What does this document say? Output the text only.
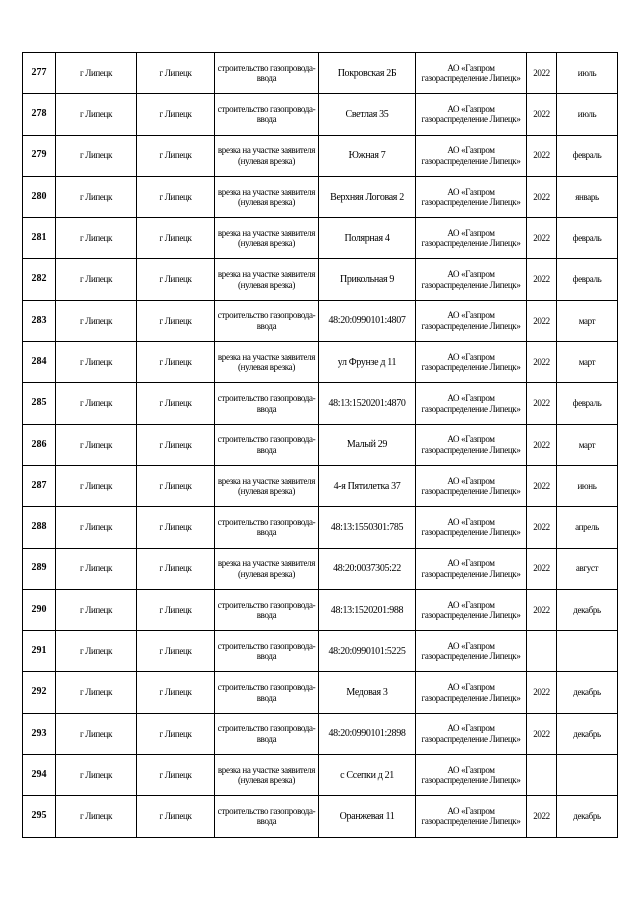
277	г Липецк	г Липецк	строительство газопровода-ввода	Покровская 2Б	АО «Газпром газораспределение Липецк»	2022	июль
278	г Липецк	г Липецк	строительство газопровода-ввода	Светлая 35	АО «Газпром газораспределение Липецк»	2022	июль
279	г Липецк	г Липецк	врезка на участке заявителя (нулевая врезка)	Южная 7	АО «Газпром газораспределение Липецк»	2022	февраль
280	г Липецк	г Липецк	врезка на участке заявителя (нулевая врезка)	Верхняя Логовая 2	АО «Газпром газораспределение Липецк»	2022	январь
281	г Липецк	г Липецк	врезка на участке заявителя (нулевая врезка)	Полярная 4	АО «Газпром газораспределение Липецк»	2022	февраль
282	г Липецк	г Липецк	врезка на участке заявителя (нулевая врезка)	Прикольная 9	АО «Газпром газораспределение Липецк»	2022	февраль
283	г Липецк	г Липецк	строительство газопровода-ввода	48:20:0990101:4807	АО «Газпром газораспределение Липецк»	2022	март
284	г Липецк	г Липецк	врезка на участке заявителя (нулевая врезка)	ул Фрунзе д 11	АО «Газпром газораспределение Липецк»	2022	март
285	г Липецк	г Липецк	строительство газопровода-ввода	48:13:1520201:4870	АО «Газпром газораспределение Липецк»	2022	февраль
286	г Липецк	г Липецк	строительство газопровода-ввода	Малый 29	АО «Газпром газораспределение Липецк»	2022	март
287	г Липецк	г Липецк	врезка на участке заявителя (нулевая врезка)	4-я Пятилетка 37	АО «Газпром газораспределение Липецк»	2022	июнь
288	г Липецк	г Липецк	строительство газопровода-ввода	48:13:1550301:785	АО «Газпром газораспределение Липецк»	2022	апрель
289	г Липецк	г Липецк	врезка на участке заявителя (нулевая врезка)	48:20:0037305:22	АО «Газпром газораспределение Липецк»	2022	август
290	г Липецк	г Липецк	строительство газопровода-ввода	48:13:1520201:988	АО «Газпром газораспределение Липецк»	2022	декабрь
291	г Липецк	г Липецк	строительство газопровода-ввода	48:20:0990101:5225	АО «Газпром газораспределение Липецк»		
292	г Липецк	г Липецк	строительство газопровода-ввода	Медовая 3	АО «Газпром газораспределение Липецк»	2022	декабрь
293	г Липецк	г Липецк	строительство газопровода-ввода	48:20:0990101:2898	АО «Газпром газораспределение Липецк»	2022	декабрь
294	г Липецк	г Липецк	врезка на участке заявителя (нулевая врезка)	с Ссепки д 21	АО «Газпром газораспределение Липецк»		
295	г Липецк	г Липецк	строительство газопровода-ввода	Оранжевая 11	АО «Газпром газораспределение Липецк»	2022	декабрь
